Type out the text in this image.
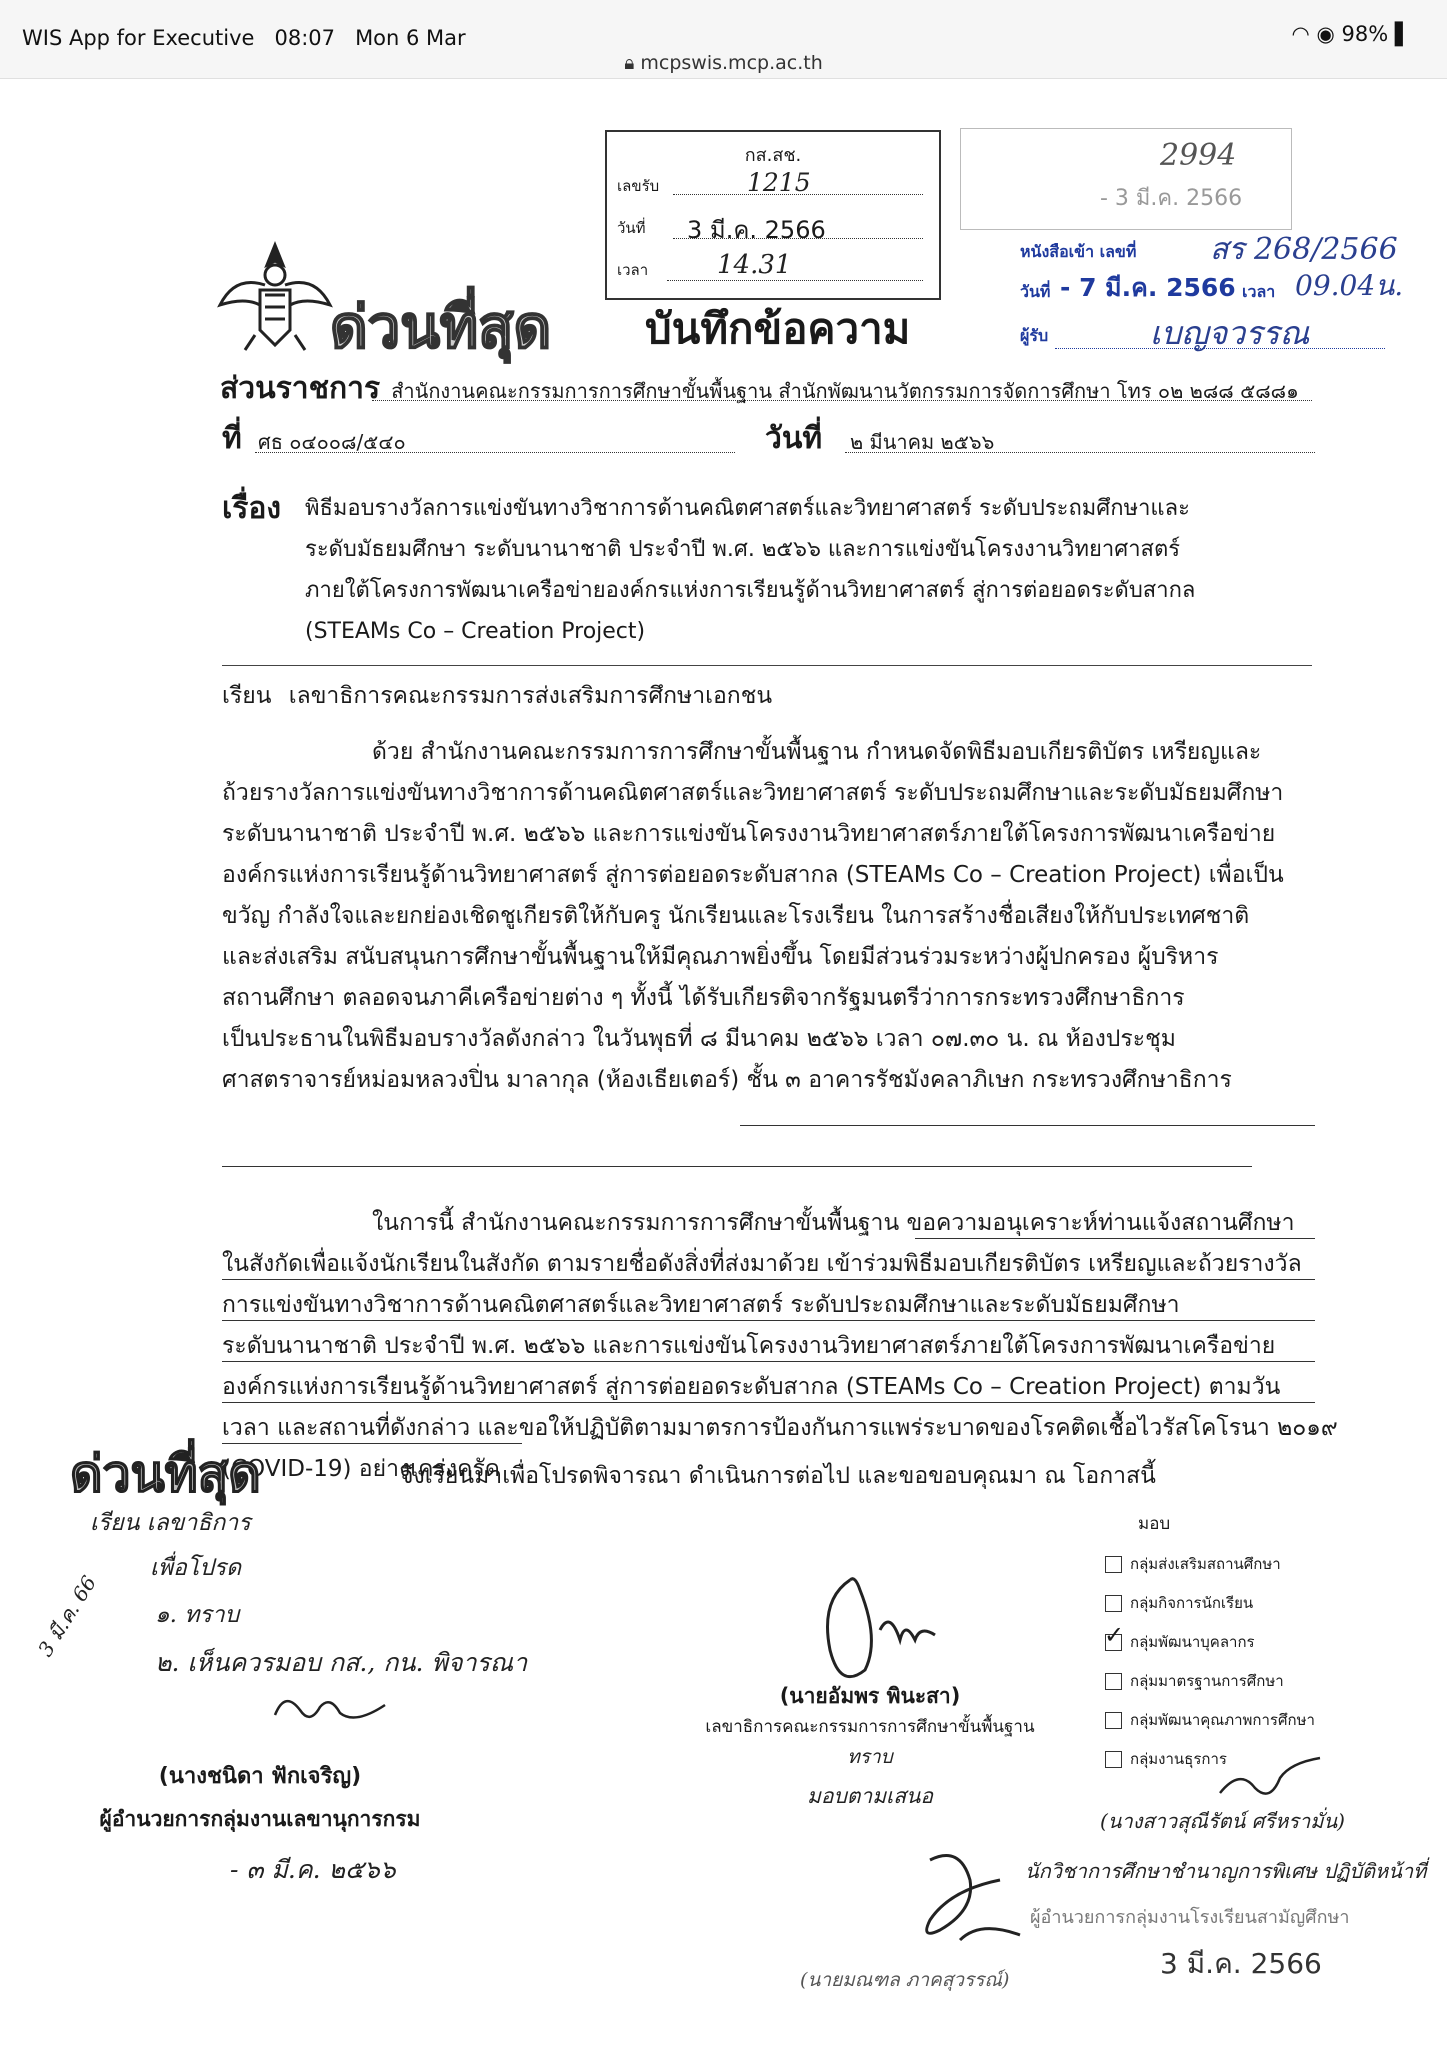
WIS App for Executive 08:07 Mon 6 Mar	◠ ◉ 98% ▌
🔒︎ mcpswis.mcp.ac.th
กส.สช.
เลขรับ	1215
วันที่ 3 มี.ค. 2566
เวลา	14.31
2994
- 3 มี.ค. 2566
หนังสือเข้า เลขที่ สร 268/2566
วันที่ - 7 มี.ค. 2566 เวลา 09.04น.
ผู้รับ	เบญจวรรณ
ด่วนที่สุด บันทึกข้อความ
ส่วนราชการ สำนักงานคณะกรรมการการศึกษาขั้นพื้นฐาน สำนักพัฒนานวัตกรรมการจัดการศึกษา โทร ๐๒ ๒๘๘ ๕๘๘๑
ที่ ศธ ๐๔๐๐๘/๕๔๐	วันที่ ๒ มีนาคม ๒๕๖๖
เรื่อง พิธีมอบรางวัลการแข่งขันทางวิชาการด้านคณิตศาสตร์และวิทยาศาสตร์ ระดับประถมศึกษาและ
ระดับมัธยมศึกษา ระดับนานาชาติ ประจำปี พ.ศ. ๒๕๖๖ และการแข่งขันโครงงานวิทยาศาสตร์
ภายใต้โครงการพัฒนาเครือข่ายองค์กรแห่งการเรียนรู้ด้านวิทยาศาสตร์ สู่การต่อยอดระดับสากล
(STEAMs Co – Creation Project)
เรียน เลขาธิการคณะกรรมการส่งเสริมการศึกษาเอกชน
ด้วย สำนักงานคณะกรรมการการศึกษาขั้นพื้นฐาน กำหนดจัดพิธีมอบเกียรติบัตร เหรียญและ
ถ้วยรางวัลการแข่งขันทางวิชาการด้านคณิตศาสตร์และวิทยาศาสตร์ ระดับประถมศึกษาและระดับมัธยมศึกษา
ระดับนานาชาติ ประจำปี พ.ศ. ๒๕๖๖ และการแข่งขันโครงงานวิทยาศาสตร์ภายใต้โครงการพัฒนาเครือข่าย
องค์กรแห่งการเรียนรู้ด้านวิทยาศาสตร์ สู่การต่อยอดระดับสากล (STEAMs Co – Creation Project) เพื่อเป็น
ขวัญ กำลังใจและยกย่องเชิดชูเกียรติให้กับครู นักเรียนและโรงเรียน ในการสร้างชื่อเสียงให้กับประเทศชาติ
และส่งเสริม สนับสนุนการศึกษาขั้นพื้นฐานให้มีคุณภาพยิ่งขึ้น โดยมีส่วนร่วมระหว่างผู้ปกครอง ผู้บริหาร
สถานศึกษา ตลอดจนภาคีเครือข่ายต่าง ๆ ทั้งนี้ ได้รับเกียรติจากรัฐมนตรีว่าการกระทรวงศึกษาธิการ
เป็นประธานในพิธีมอบรางวัลดังกล่าว ในวันพุธที่ ๘ มีนาคม ๒๕๖๖ เวลา ๐๗.๓๐ น. ณ ห้องประชุม
ศาสตราจารย์หม่อมหลวงปิ่น มาลากุล (ห้องเธียเตอร์) ชั้น ๓ อาคารรัชมังคลาภิเษก กระทรวงศึกษาธิการ
ในการนี้ สำนักงานคณะกรรมการการศึกษาขั้นพื้นฐาน ขอความอนุเคราะห์ท่านแจ้งสถานศึกษา
ในสังกัดเพื่อแจ้งนักเรียนในสังกัด ตามรายชื่อดังสิ่งที่ส่งมาด้วย เข้าร่วมพิธีมอบเกียรติบัตร เหรียญและถ้วยรางวัล
การแข่งขันทางวิชาการด้านคณิตศาสตร์และวิทยาศาสตร์ ระดับประถมศึกษาและระดับมัธยมศึกษา
ระดับนานาชาติ ประจำปี พ.ศ. ๒๕๖๖ และการแข่งขันโครงงานวิทยาศาสตร์ภายใต้โครงการพัฒนาเครือข่าย
องค์กรแห่งการเรียนรู้ด้านวิทยาศาสตร์ สู่การต่อยอดระดับสากล (STEAMs Co – Creation Project) ตามวัน
เวลา และสถานที่ดังกล่าว และขอให้ปฏิบัติตามมาตรการป้องกันการแพร่ระบาดของโรคติดเชื้อไวรัสโคโรนา ๒๐๑๙
(COVID-19) อย่างเคร่งครัด
จึงเรียนมาเพื่อโปรดพิจารณา ดำเนินการต่อไป และขอขอบคุณมา ณ โอกาสนี้
ด่วนที่สุด
เรียน เลขาธิการ
เพื่อโปรด
๑. ทราบ
๒. เห็นควรมอบ กส., กน. พิจารณา
3 มี.ค. 66
(นางชนิดา ฟักเจริญ)
ผู้อำนวยการกลุ่มงานเลขานุการกรม
- ๓ มี.ค. ๒๕๖๖
(นายอัมพร พินะสา)
เลขาธิการคณะกรรมการการศึกษาขั้นพื้นฐาน
ทราบ
มอบตามเสนอ
มอบ
กลุ่มส่งเสริมสถานศึกษา
กลุ่มกิจการนักเรียน
✓ กลุ่มพัฒนาบุคลากร
กลุ่มมาตรฐานการศึกษา
กลุ่มพัฒนาคุณภาพการศึกษา
กลุ่มงานธุรการ
(นางสาวสุณีรัตน์ ศรีหรามั่น)
นักวิชาการศึกษาชำนาญการพิเศษ ปฏิบัติหน้าที่
ผู้อำนวยการกลุ่มงานโรงเรียนสามัญศึกษา
(นายมณฑล ภาคสุวรรณ์)	3 มี.ค. 2566
